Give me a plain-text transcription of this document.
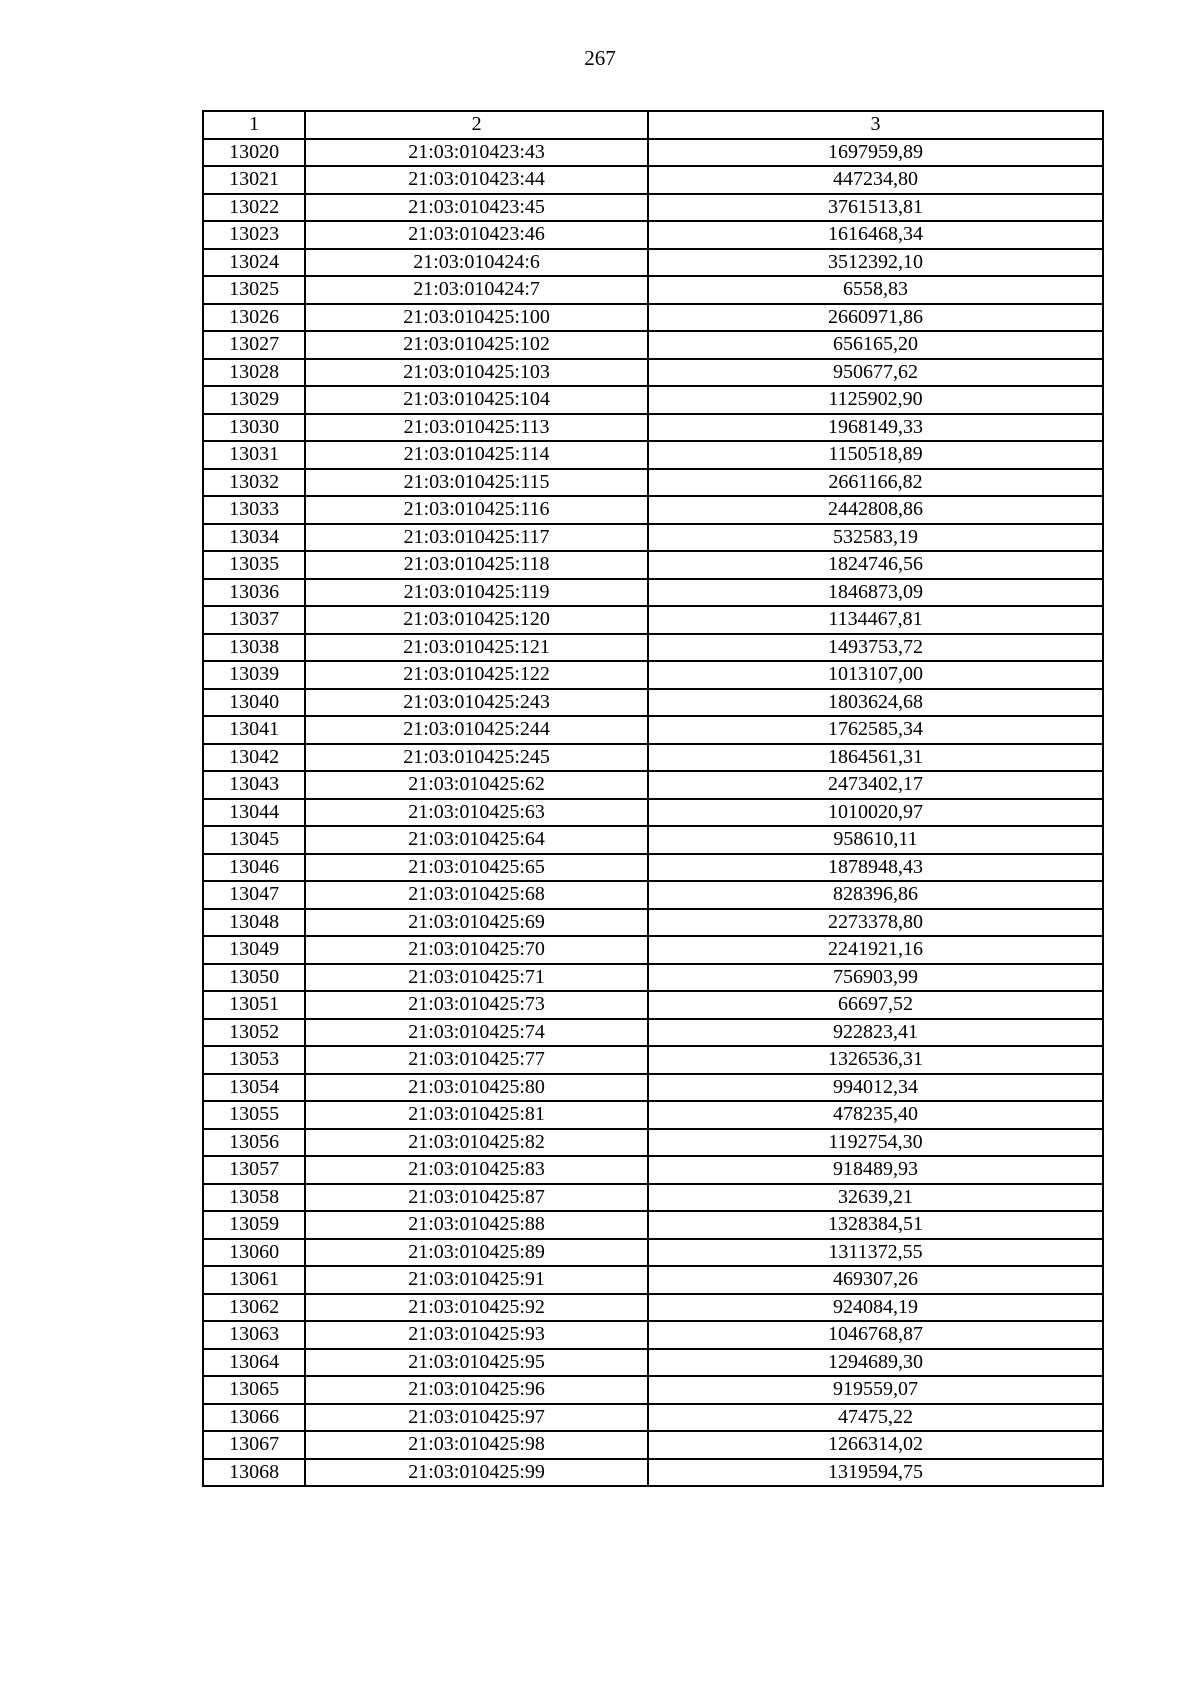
267
1	2	3
13020	21:03:010423:43	1697959,89
13021	21:03:010423:44	447234,80
13022	21:03:010423:45	3761513,81
13023	21:03:010423:46	1616468,34
13024	21:03:010424:6	3512392,10
13025	21:03:010424:7	6558,83
13026	21:03:010425:100	2660971,86
13027	21:03:010425:102	656165,20
13028	21:03:010425:103	950677,62
13029	21:03:010425:104	1125902,90
13030	21:03:010425:113	1968149,33
13031	21:03:010425:114	1150518,89
13032	21:03:010425:115	2661166,82
13033	21:03:010425:116	2442808,86
13034	21:03:010425:117	532583,19
13035	21:03:010425:118	1824746,56
13036	21:03:010425:119	1846873,09
13037	21:03:010425:120	1134467,81
13038	21:03:010425:121	1493753,72
13039	21:03:010425:122	1013107,00
13040	21:03:010425:243	1803624,68
13041	21:03:010425:244	1762585,34
13042	21:03:010425:245	1864561,31
13043	21:03:010425:62	2473402,17
13044	21:03:010425:63	1010020,97
13045	21:03:010425:64	958610,11
13046	21:03:010425:65	1878948,43
13047	21:03:010425:68	828396,86
13048	21:03:010425:69	2273378,80
13049	21:03:010425:70	2241921,16
13050	21:03:010425:71	756903,99
13051	21:03:010425:73	66697,52
13052	21:03:010425:74	922823,41
13053	21:03:010425:77	1326536,31
13054	21:03:010425:80	994012,34
13055	21:03:010425:81	478235,40
13056	21:03:010425:82	1192754,30
13057	21:03:010425:83	918489,93
13058	21:03:010425:87	32639,21
13059	21:03:010425:88	1328384,51
13060	21:03:010425:89	1311372,55
13061	21:03:010425:91	469307,26
13062	21:03:010425:92	924084,19
13063	21:03:010425:93	1046768,87
13064	21:03:010425:95	1294689,30
13065	21:03:010425:96	919559,07
13066	21:03:010425:97	47475,22
13067	21:03:010425:98	1266314,02
13068	21:03:010425:99	1319594,75
